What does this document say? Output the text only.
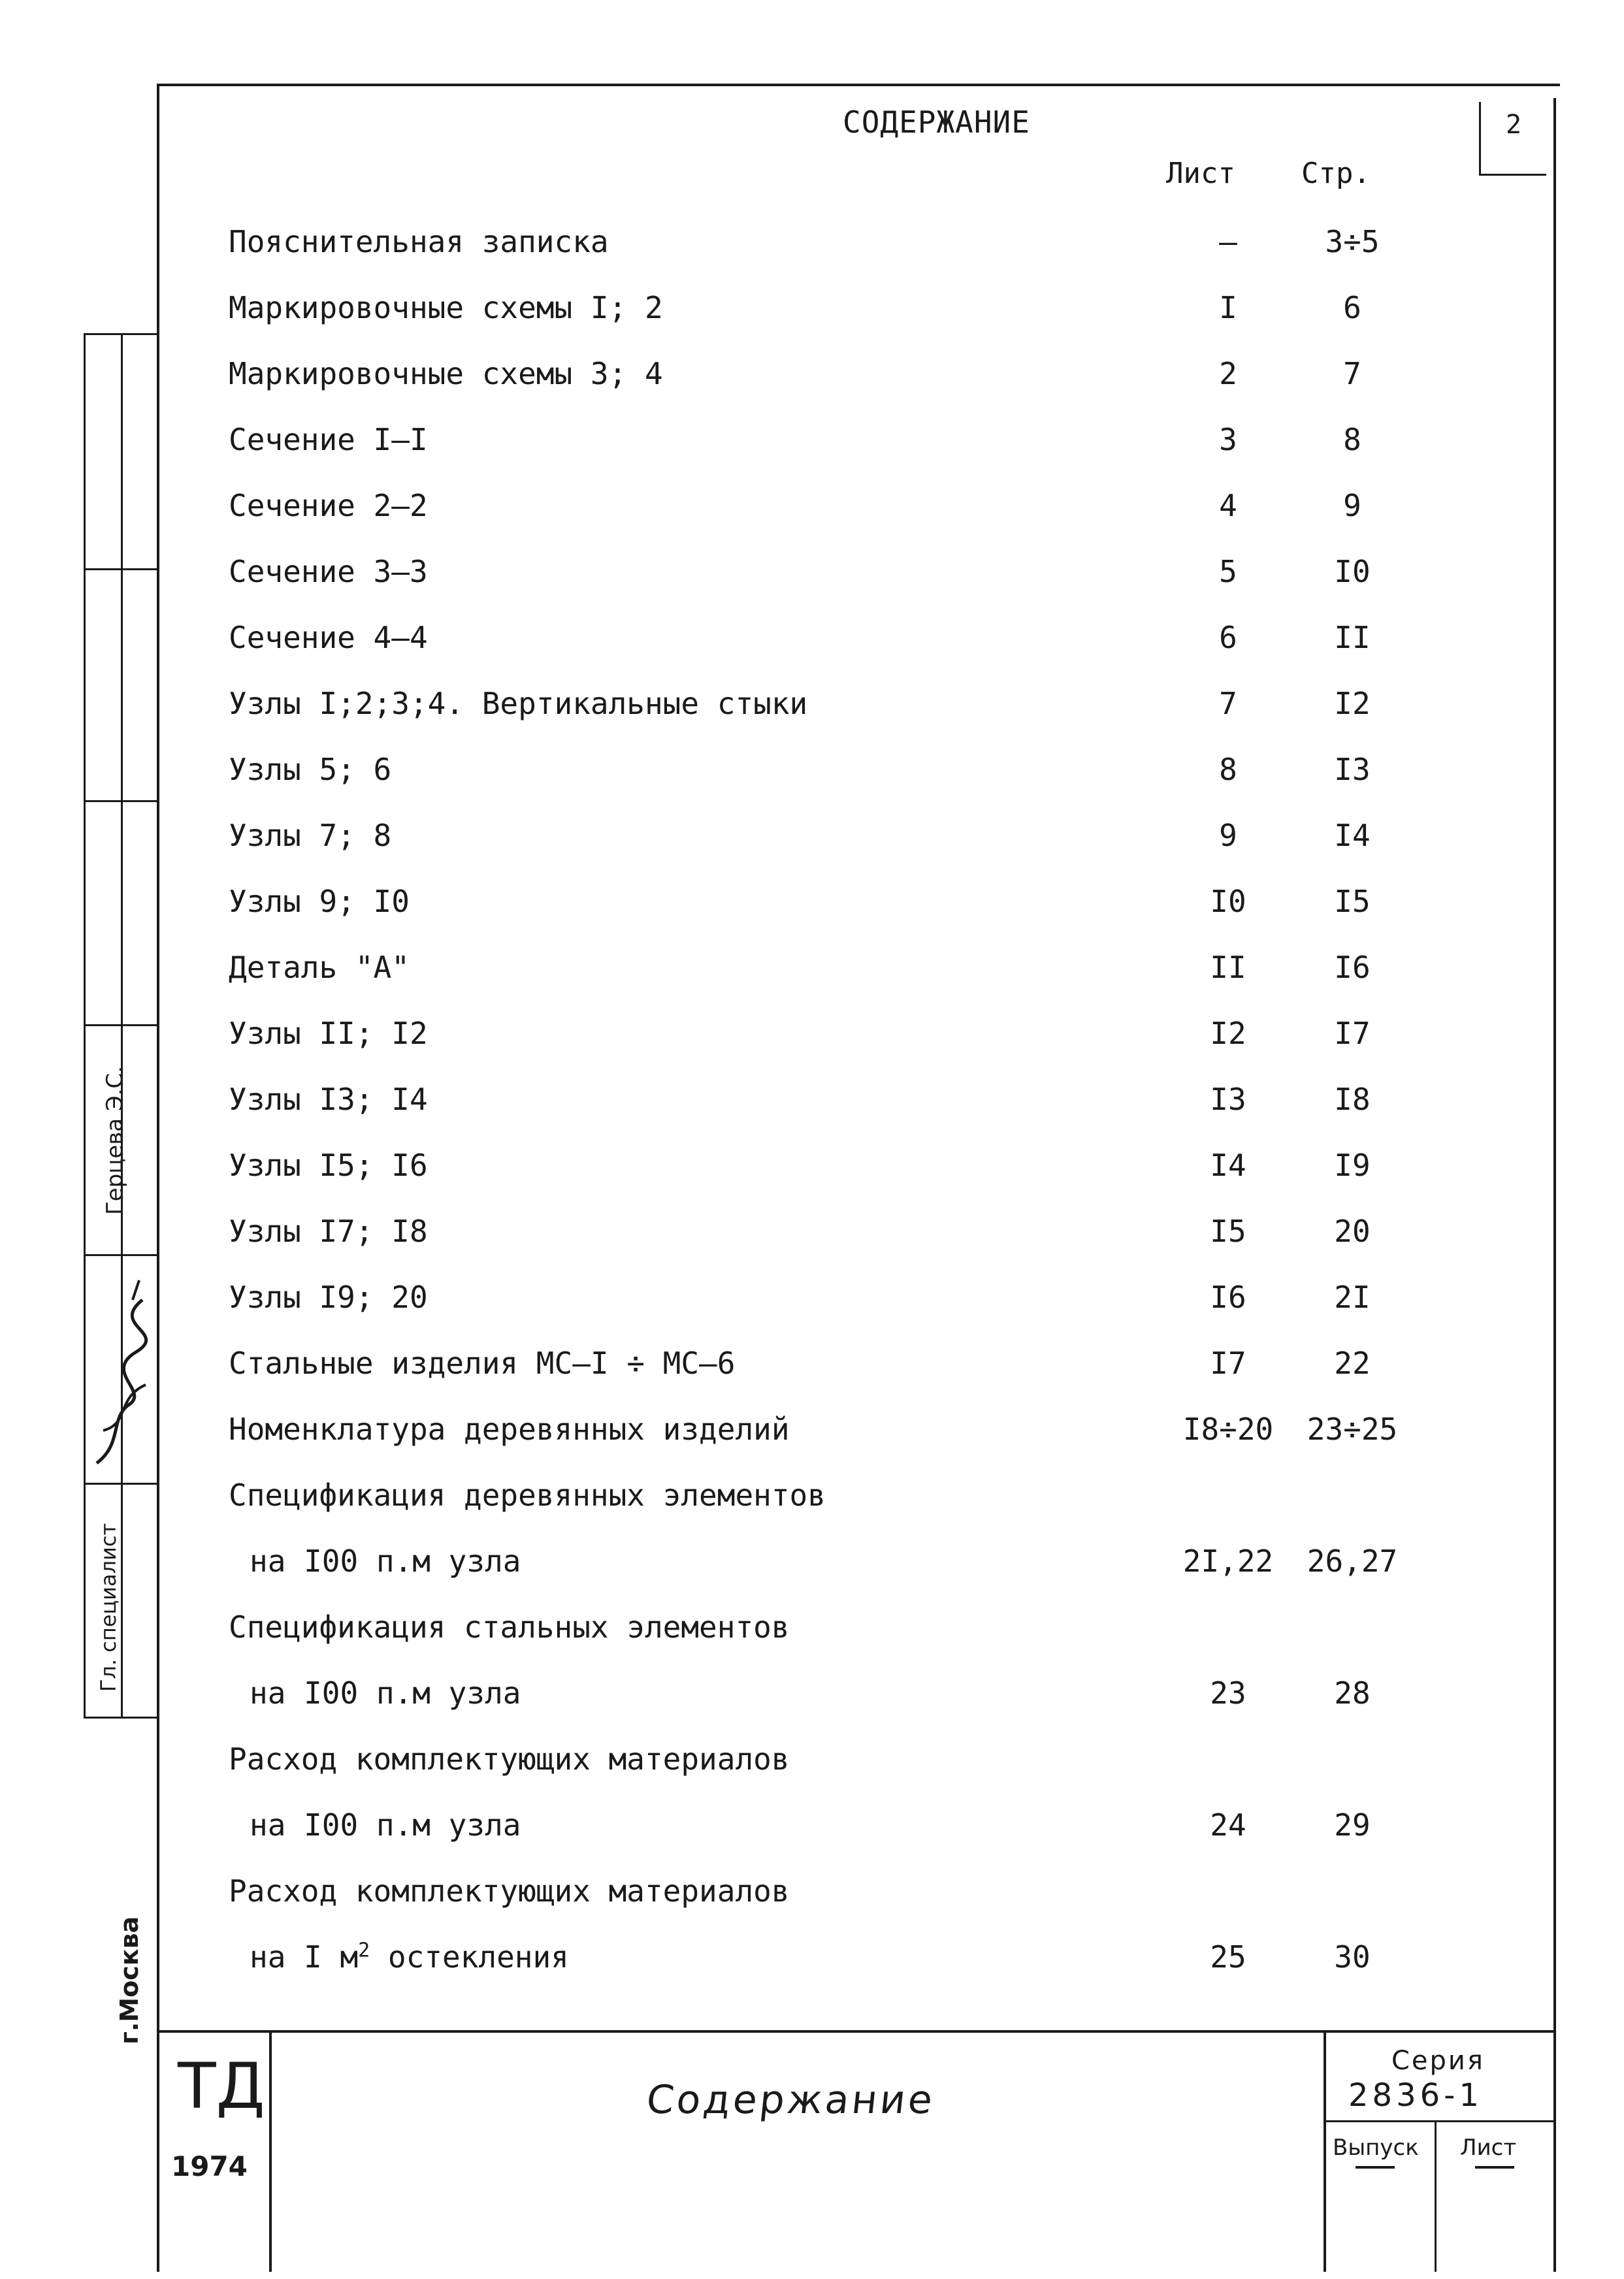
Герцева Э.С.
Гл. специалист
г.Москва
СОДЕРЖАНИЕ	2
Лист Стр.
Пояснительная записка	–	3÷5
Маркировочные схемы I; 2	I	6
Маркировочные схемы 3; 4	2	7
Сечение I–I	3	8
Сечение 2–2	4	9
Сечение 3–3	5	I0
Сечение 4–4	6	II
Узлы I;2;3;4. Вертикальные стыки	7	I2
Узлы 5; 6	8	I3
Узлы 7; 8	9	I4
Узлы 9; I0	I0	I5
Деталь "А"	II	I6
Узлы II; I2	I2	I7
Узлы I3; I4	I3	I8
Узлы I5; I6	I4	I9
Узлы I7; I8	I5	20
Узлы I9; 20	I6	2I
Стальные изделия МС–I ÷ МС–6	I7	22
Номенклатура деревянных изделий	I8÷20	23÷25
Спецификация деревянных элементов
на I00 п.м узла	2I,22	26,27
Спецификация стальных элементов
на I00 п.м узла	23	28
Расход комплектующих материалов
на I00 п.м узла	24	29
Расход комплектующих материалов
на I $м^2$ остекления	25	30
ТД
1974
Содержание
Серия
2836-1
Выпуск Лист
